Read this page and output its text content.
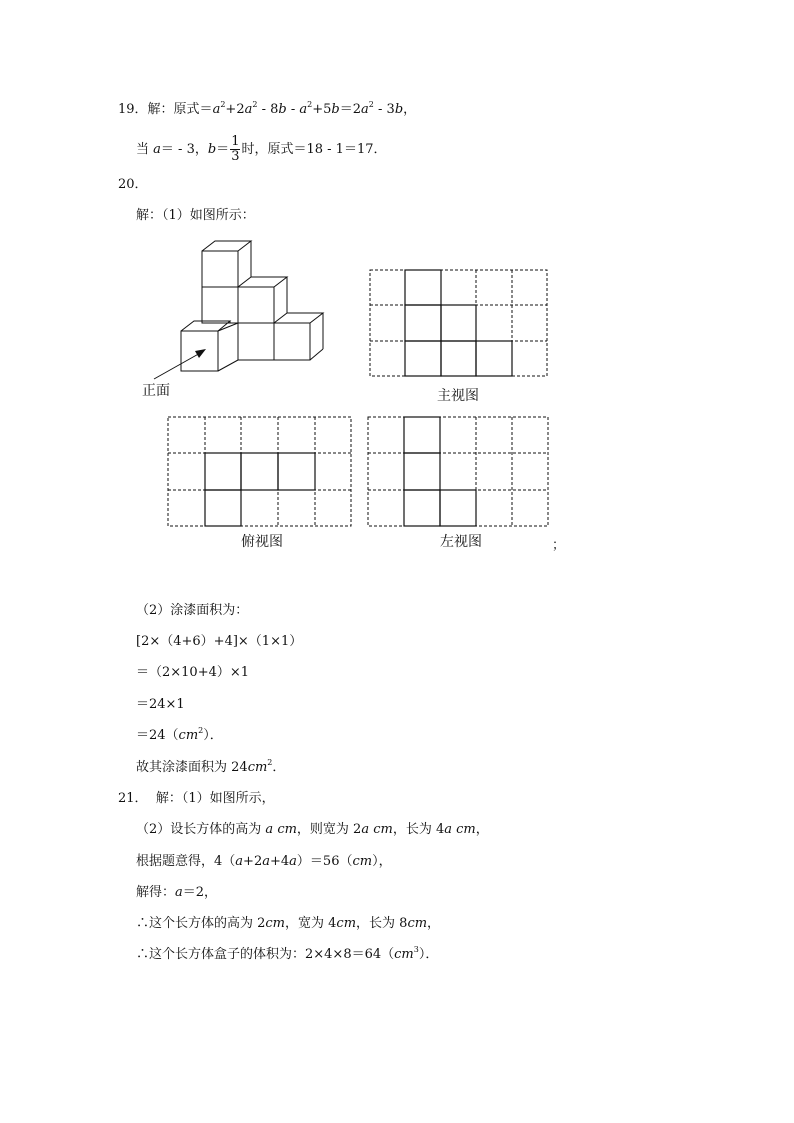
19．解：原式$=a^2+2a^2 - 8b - a^2+5b=2a^2 - 3b$，
当 a＝ - 3，$b= \frac{1}{3}$ 时，原式＝18 - 1＝17．
20．
解：（1）如图所示：
正面	主视图
俯视图	左视图	；
（2）涂漆面积为：
[2×（4+6）+4]×（1×1）
＝（2×10+4）×1
＝24×1
$=24(cm^2)$．
故其涂漆面积为 $24cm^2$．
21． 解：（1）如图所示，
（2）设长方体的高为 a cm，则宽为 2a cm，长为 4a cm，
根据题意得，4（a+2a+4a）＝56（cm），
解得：a＝2，
∴这个长方体的高为 2cm，宽为 4cm，长为 8cm，
∴这个长方体盒子的体积为：$2\times 4\times 8=64(cm^3)$．
